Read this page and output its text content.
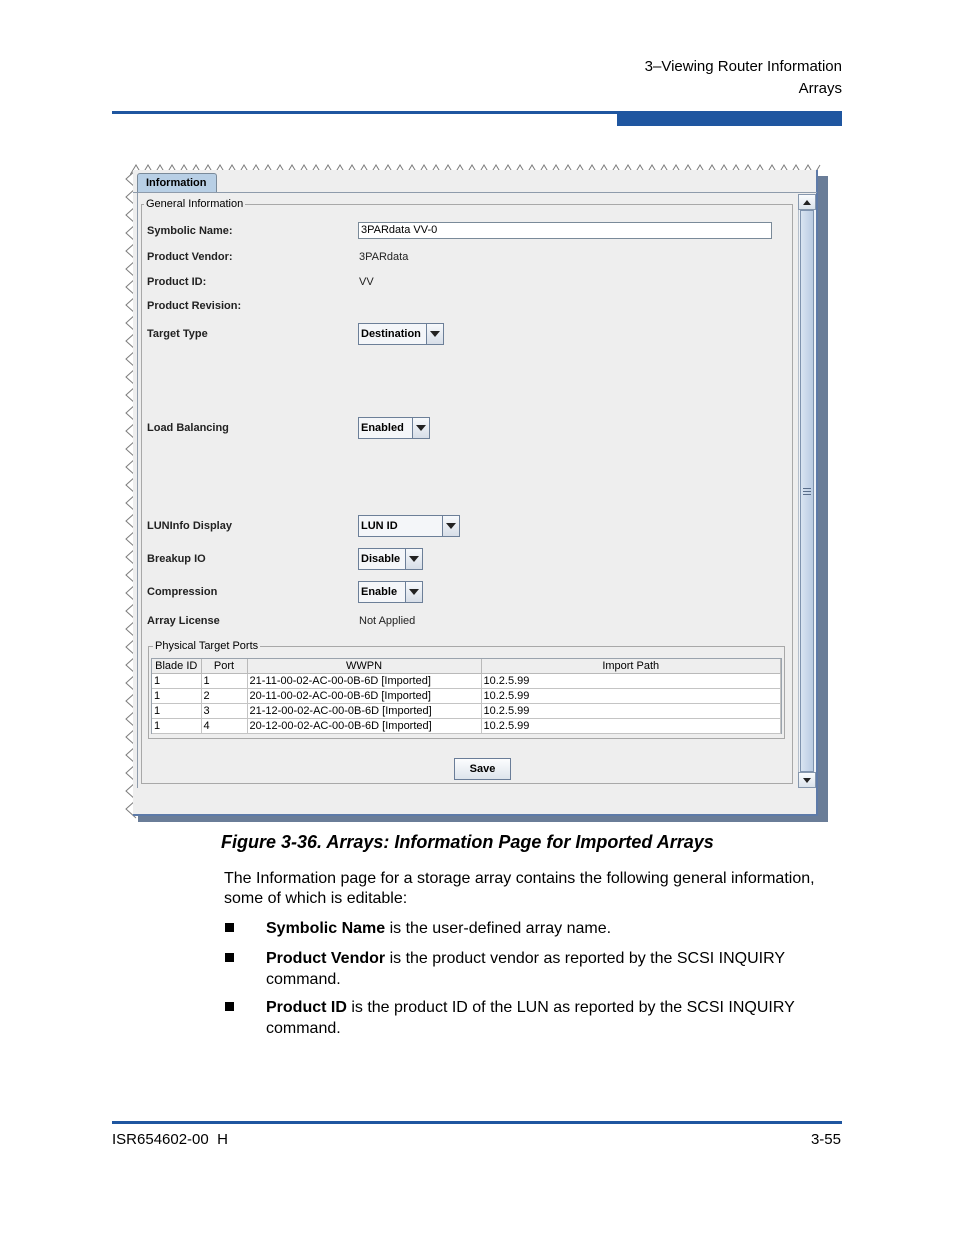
3–Viewing Router Information
Arrays
Information
General Information
Symbolic Name:	3PARdata VV-0
Product Vendor:	3PARdata
Product ID:	VV
Product Revision:
Target Type	Destination
Load Balancing	Enabled
LUNInfo Display	LUN ID
Breakup IO	Disable
Compression	Enable
Array License	Not Applied
Physical Target Ports
Blade ID	Port	WWPN	Import Path
1	1	21-11-00-02-AC-00-0B-6D [Imported]	10.2.5.99
1	2	20-11-00-02-AC-00-0B-6D [Imported]	10.2.5.99
1	3	21-12-00-02-AC-00-0B-6D [Imported]	10.2.5.99
1	4	20-12-00-02-AC-00-0B-6D [Imported]	10.2.5.99
Save
Figure 3-36. Arrays: Information Page for Imported Arrays
The Information page for a storage array contains the following general information, some of which is editable:
Symbolic Name is the user-defined array name.
Product Vendor is the product vendor as reported by the SCSI INQUIRY command.
Product ID is the product ID of the LUN as reported by the SCSI INQUIRY command.
ISR654602-00  H	3-55
